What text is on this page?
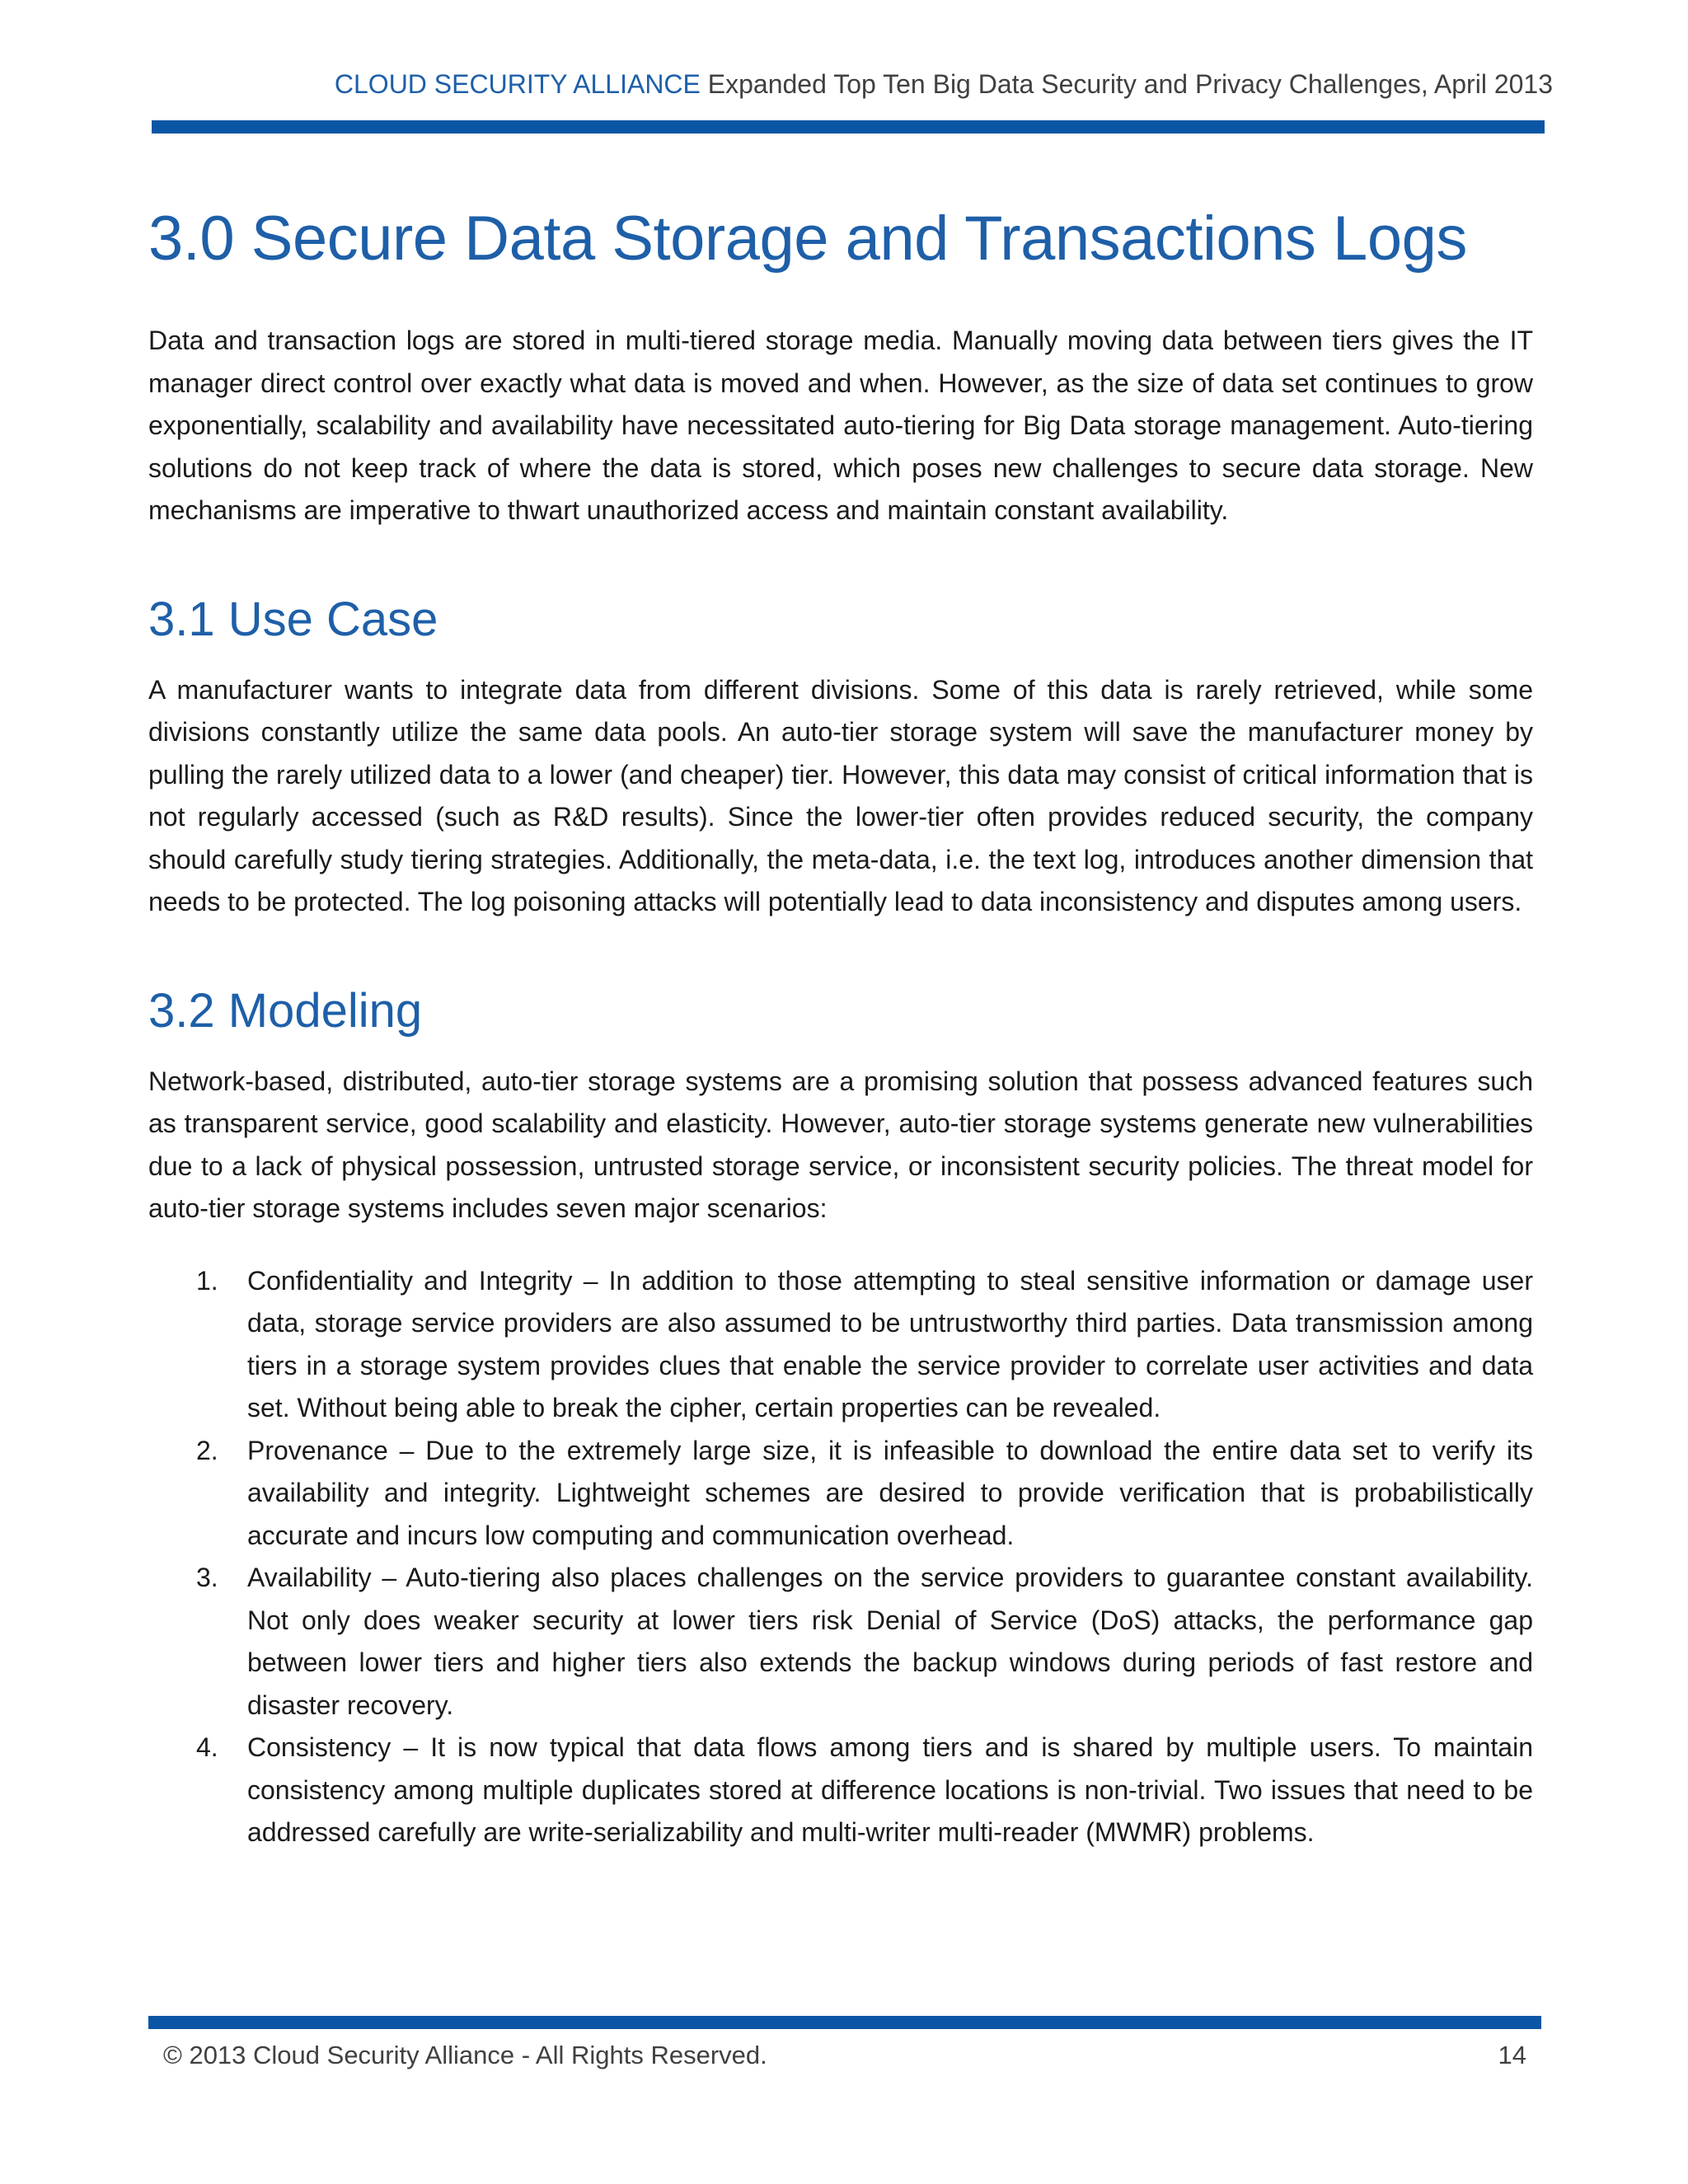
CLOUD SECURITY ALLIANCE Expanded Top Ten Big Data Security and Privacy Challenges, April 2013
3.0 Secure Data Storage and Transactions Logs

Data and transaction logs are stored in multi-tiered storage media. Manually moving data between tiers gives the IT manager direct control over exactly what data is moved and when. However, as the size of data set continues to grow exponentially, scalability and availability have necessitated auto-tiering for Big Data storage management. Auto-tiering solutions do not keep track of where the data is stored, which poses new challenges to secure data storage. New mechanisms are imperative to thwart unauthorized access and maintain constant availability.

3.1 Use Case

A manufacturer wants to integrate data from different divisions. Some of this data is rarely retrieved, while some divisions constantly utilize the same data pools. An auto-tier storage system will save the manufacturer money by pulling the rarely utilized data to a lower (and cheaper) tier. However, this data may consist of critical information that is not regularly accessed (such as R&D results). Since the lower-tier often provides reduced security, the company should carefully study tiering strategies. Additionally, the meta-data, i.e. the text log, introduces another dimension that needs to be protected. The log poisoning attacks will potentially lead to data inconsistency and disputes among users.

3.2 Modeling

Network-based, distributed, auto-tier storage systems are a promising solution that possess advanced features such as transparent service, good scalability and elasticity. However, auto-tier storage systems generate new vulnerabilities due to a lack of physical possession, untrusted storage service, or inconsistent security policies. The threat model for auto-tier storage systems includes seven major scenarios:

1. Confidentiality and Integrity – In addition to those attempting to steal sensitive information or damage user data, storage service providers are also assumed to be untrustworthy third parties. Data transmission among tiers in a storage system provides clues that enable the service provider to correlate user activities and data set. Without being able to break the cipher, certain properties can be revealed.
2. Provenance – Due to the extremely large size, it is infeasible to download the entire data set to verify its availability and integrity. Lightweight schemes are desired to provide verification that is probabilistically accurate and incurs low computing and communication overhead.
3. Availability – Auto-tiering also places challenges on the service providers to guarantee constant availability. Not only does weaker security at lower tiers risk Denial of Service (DoS) attacks, the performance gap between lower tiers and higher tiers also extends the backup windows during periods of fast restore and disaster recovery.
4. Consistency – It is now typical that data flows among tiers and is shared by multiple users. To maintain consistency among multiple duplicates stored at difference locations is non-trivial. Two issues that need to be addressed carefully are write-serializability and multi-writer multi-reader (MWMR) problems.
© 2013 Cloud Security Alliance - All Rights Reserved.	14
